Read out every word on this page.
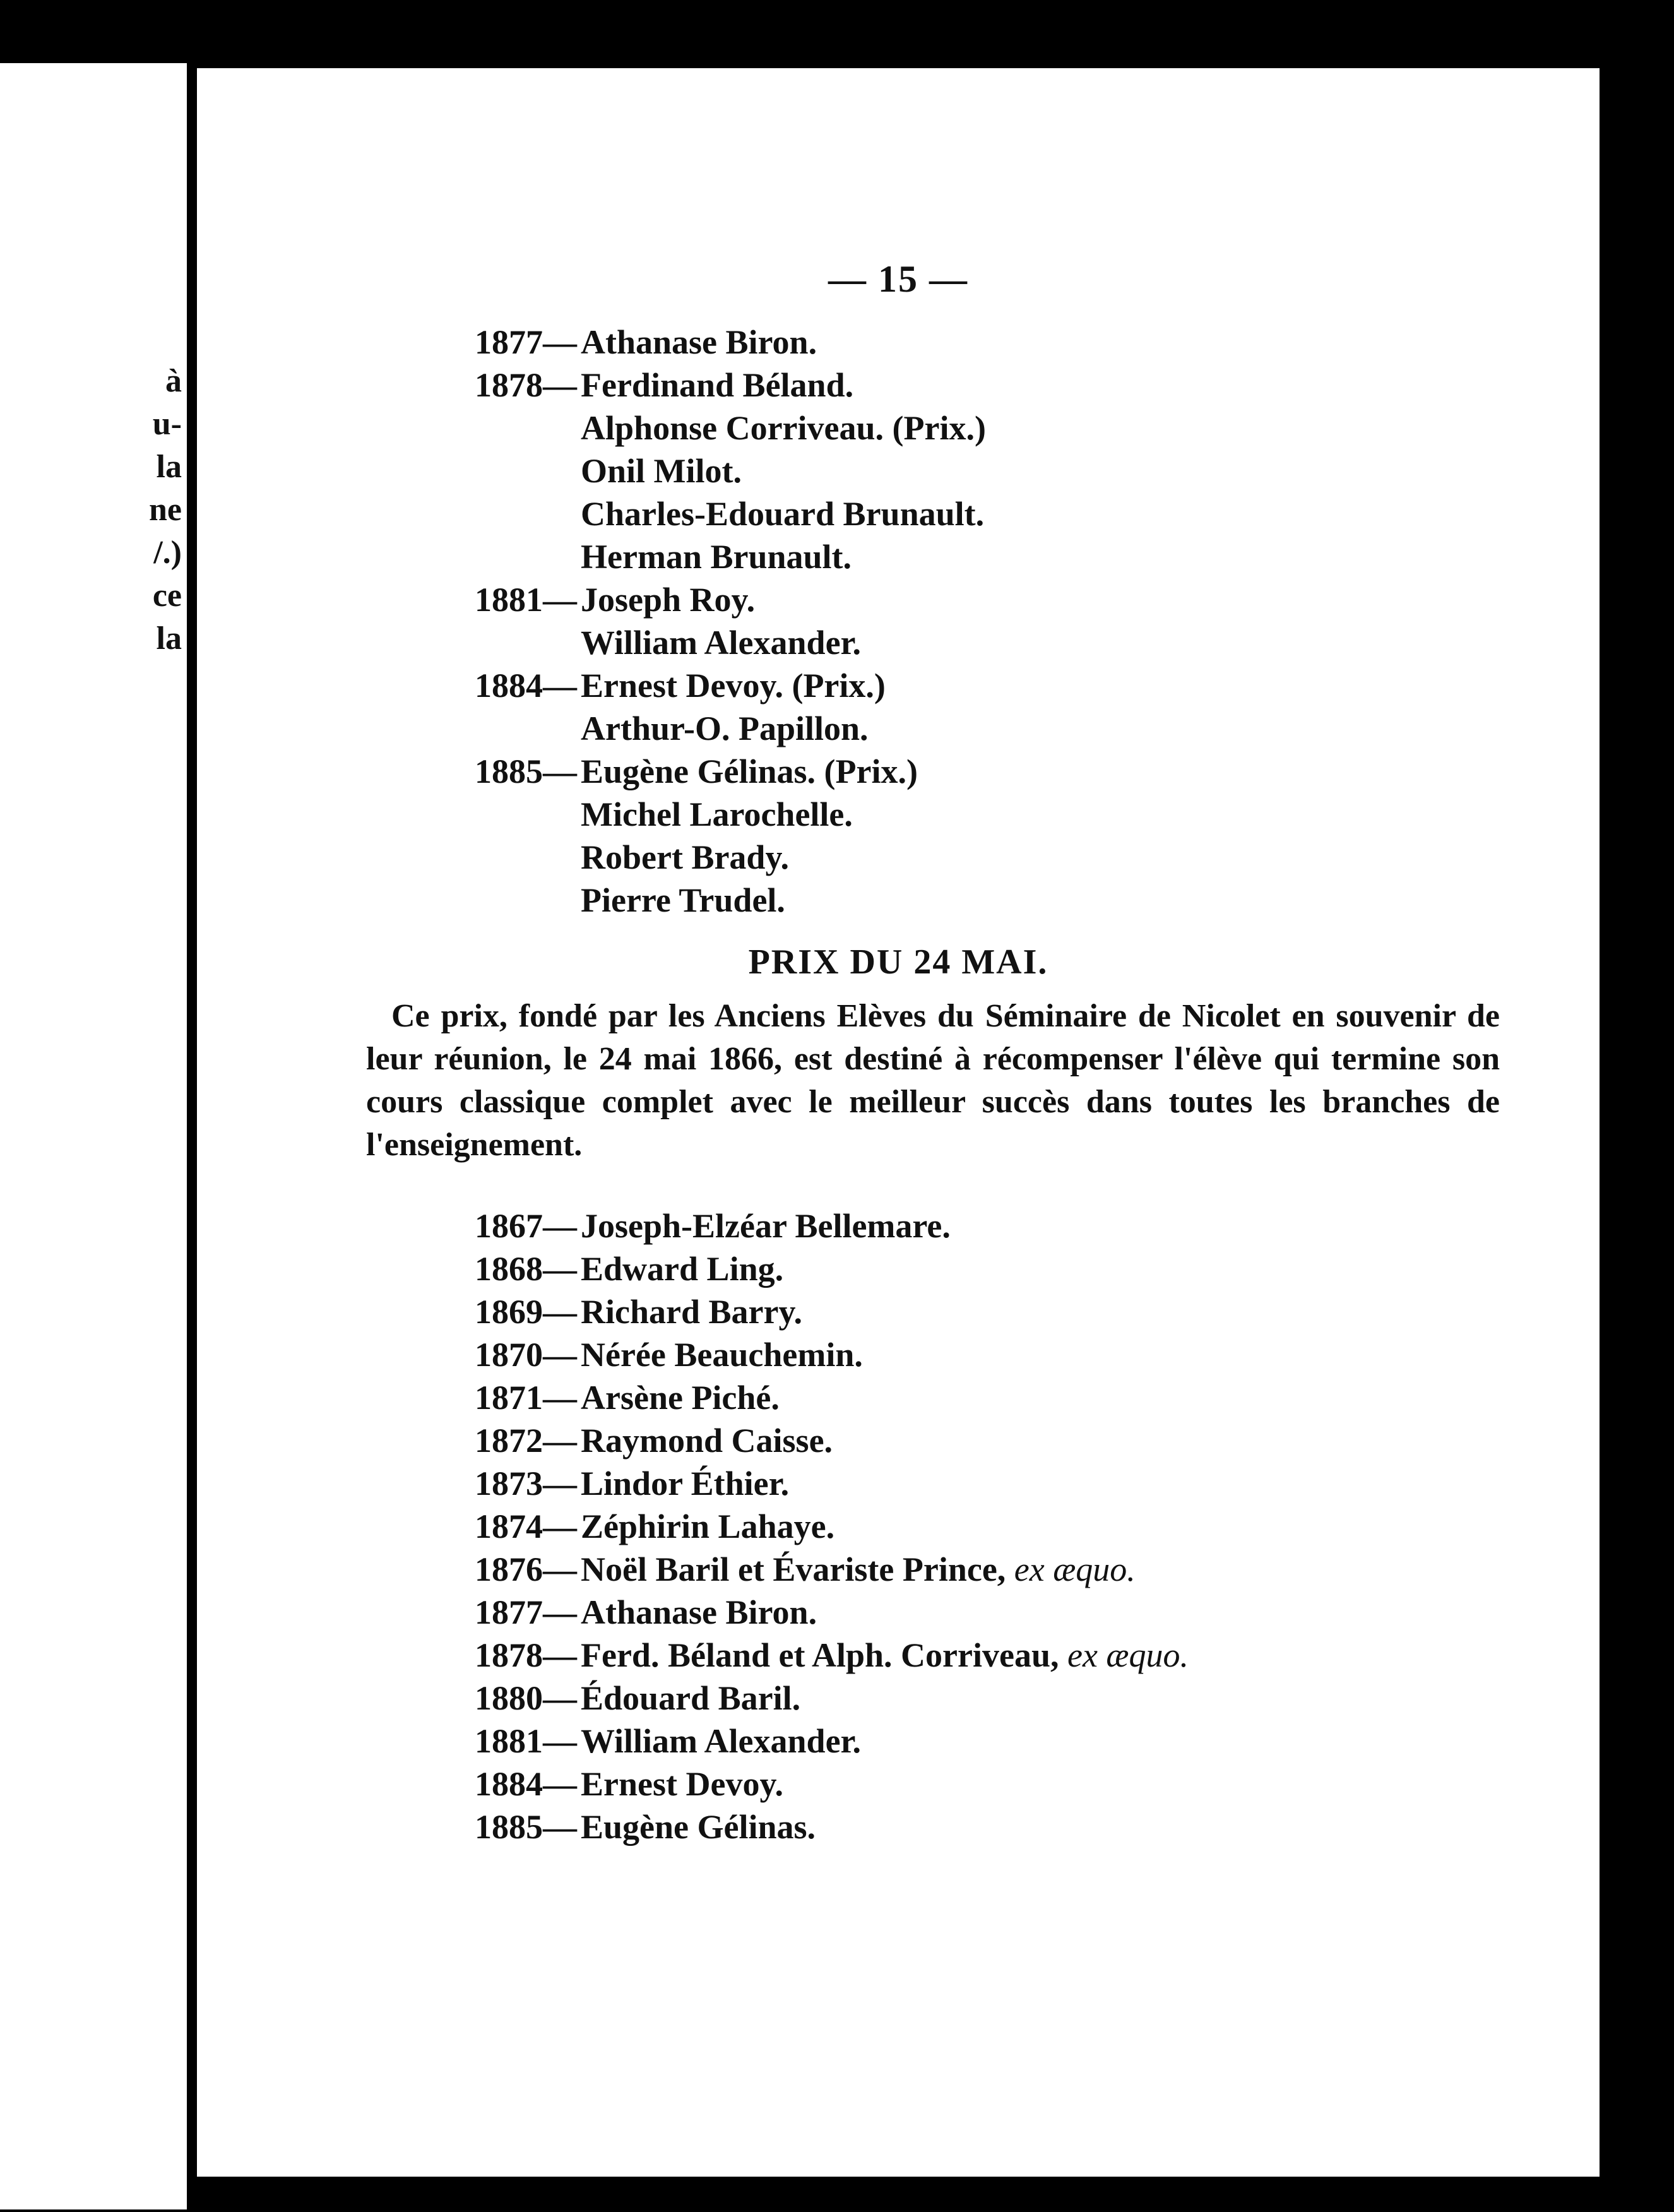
à
u-
la
ne
/.)
ce
la
— 15 —
1877— Athanase Biron.
1878— Ferdinand Béland.
Alphonse Corriveau. (Prix.)
Onil Milot.
Charles-Edouard Brunault.
Herman Brunault.
1881— Joseph Roy.
William Alexander.
1884— Ernest Devoy. (Prix.)
Arthur-O. Papillon.
1885— Eugène Gélinas. (Prix.)
Michel Larochelle.
Robert Brady.
Pierre Trudel.
PRIX DU 24 MAI.
Ce prix, fondé par les Anciens Elèves du Séminaire de Nicolet en souvenir de leur réunion, le 24 mai 1866, est destiné à récompenser l'élève qui termine son cours classique complet avec le meilleur succès dans toutes les branches de l'enseignement.
1867— Joseph-Elzéar Bellemare.
1868— Edward Ling.
1869— Richard Barry.
1870— Nérée Beauchemin.
1871— Arsène Piché.
1872— Raymond Caisse.
1873— Lindor Éthier.
1874— Zéphirin Lahaye.
1876— Noël Baril et Évariste Prince, ex æquo.
1877— Athanase Biron.
1878— Ferd. Béland et Alph. Corriveau, ex æquo.
1880— Édouard Baril.
1881— William Alexander.
1884— Ernest Devoy.
1885— Eugène Gélinas.
